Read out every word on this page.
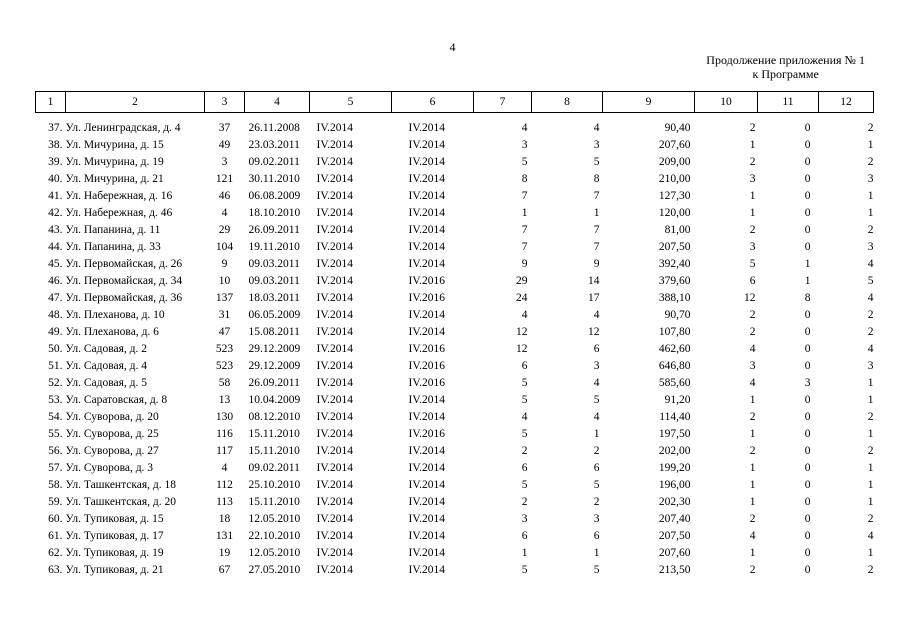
4
Продолжение приложения № 1
к Программе
1	2	3	4	5	6	7	8	9	10	11	12

37.	Ул. Ленинградская, д. 4	37	26.11.2008	IV.2014	IV.2014	4	4	90,40	2	0	2
38.	Ул. Мичурина, д. 15	49	23.03.2011	IV.2014	IV.2014	3	3	207,60	1	0	1
39.	Ул. Мичурина, д. 19	3	09.02.2011	IV.2014	IV.2014	5	5	209,00	2	0	2
40.	Ул. Мичурина, д. 21	121	30.11.2010	IV.2014	IV.2014	8	8	210,00	3	0	3
41.	Ул. Набережная, д. 16	46	06.08.2009	IV.2014	IV.2014	7	7	127,30	1	0	1
42.	Ул. Набережная, д. 46	4	18.10.2010	IV.2014	IV.2014	1	1	120,00	1	0	1
43.	Ул. Папанина, д. 11	29	26.09.2011	IV.2014	IV.2014	7	7	81,00	2	0	2
44.	Ул. Папанина, д. 33	104	19.11.2010	IV.2014	IV.2014	7	7	207,50	3	0	3
45.	Ул. Первомайская, д. 26	9	09.03.2011	IV.2014	IV.2014	9	9	392,40	5	1	4
46.	Ул. Первомайская, д. 34	10	09.03.2011	IV.2014	IV.2016	29	14	379,60	6	1	5
47.	Ул. Первомайская, д. 36	137	18.03.2011	IV.2014	IV.2016	24	17	388,10	12	8	4
48.	Ул. Плеханова, д. 10	31	06.05.2009	IV.2014	IV.2014	4	4	90,70	2	0	2
49.	Ул. Плеханова, д. 6	47	15.08.2011	IV.2014	IV.2014	12	12	107,80	2	0	2
50.	Ул. Садовая, д. 2	523	29.12.2009	IV.2014	IV.2016	12	6	462,60	4	0	4
51.	Ул. Садовая, д. 4	523	29.12.2009	IV.2014	IV.2016	6	3	646,80	3	0	3
52.	Ул. Садовая, д. 5	58	26.09.2011	IV.2014	IV.2016	5	4	585,60	4	3	1
53.	Ул. Саратовская, д. 8	13	10.04.2009	IV.2014	IV.2014	5	5	91,20	1	0	1
54.	Ул. Суворова, д. 20	130	08.12.2010	IV.2014	IV.2014	4	4	114,40	2	0	2
55.	Ул. Суворова, д. 25	116	15.11.2010	IV.2014	IV.2016	5	1	197,50	1	0	1
56.	Ул. Суворова, д. 27	117	15.11.2010	IV.2014	IV.2014	2	2	202,00	2	0	2
57.	Ул. Суворова, д. 3	4	09.02.2011	IV.2014	IV.2014	6	6	199,20	1	0	1
58.	Ул. Ташкентская, д. 18	112	25.10.2010	IV.2014	IV.2014	5	5	196,00	1	0	1
59.	Ул. Ташкентская, д. 20	113	15.11.2010	IV.2014	IV.2014	2	2	202,30	1	0	1
60.	Ул. Тупиковая, д. 15	18	12.05.2010	IV.2014	IV.2014	3	3	207,40	2	0	2
61.	Ул. Тупиковая, д. 17	131	22.10.2010	IV.2014	IV.2014	6	6	207,50	4	0	4
62.	Ул. Тупиковая, д. 19	19	12.05.2010	IV.2014	IV.2014	1	1	207,60	1	0	1
63.	Ул. Тупиковая, д. 21	67	27.05.2010	IV.2014	IV.2014	5	5	213,50	2	0	2
